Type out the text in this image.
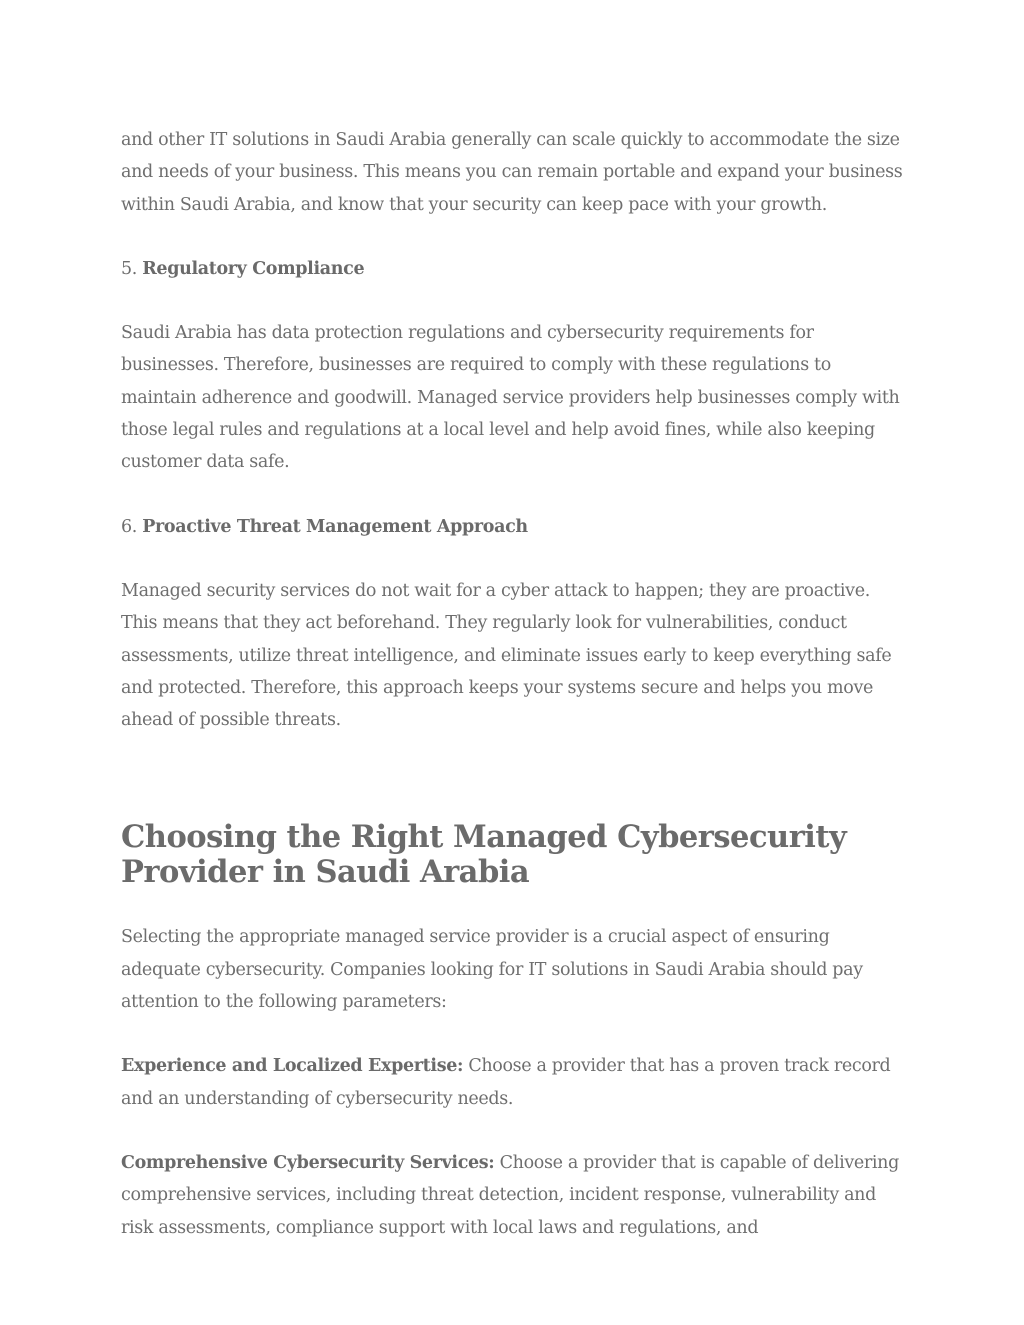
and other IT solutions in Saudi Arabia generally can scale quickly to accommodate the size and needs of your business. This means you can remain portable and expand your business within Saudi Arabia, and know that your security can keep pace with your growth.

5. Regulatory Compliance

Saudi Arabia has data protection regulations and cybersecurity requirements for businesses. Therefore, businesses are required to comply with these regulations to maintain adherence and goodwill. Managed service providers help businesses comply with those legal rules and regulations at a local level and help avoid fines, while also keeping customer data safe.

6. Proactive Threat Management Approach

Managed security services do not wait for a cyber attack to happen; they are proactive. This means that they act beforehand. They regularly look for vulnerabilities, conduct assessments, utilize threat intelligence, and eliminate issues early to keep everything safe and protected. Therefore, this approach keeps your systems secure and helps you move ahead of possible threats.

Choosing the Right Managed Cybersecurity Provider in Saudi Arabia

Selecting the appropriate managed service provider is a crucial aspect of ensuring adequate cybersecurity. Companies looking for IT solutions in Saudi Arabia should pay attention to the following parameters:

Experience and Localized Expertise: Choose a provider that has a proven track record and an understanding of cybersecurity needs.

Comprehensive Cybersecurity Services: Choose a provider that is capable of delivering comprehensive services, including threat detection, incident response, vulnerability and risk assessments, compliance support with local laws and regulations, and
